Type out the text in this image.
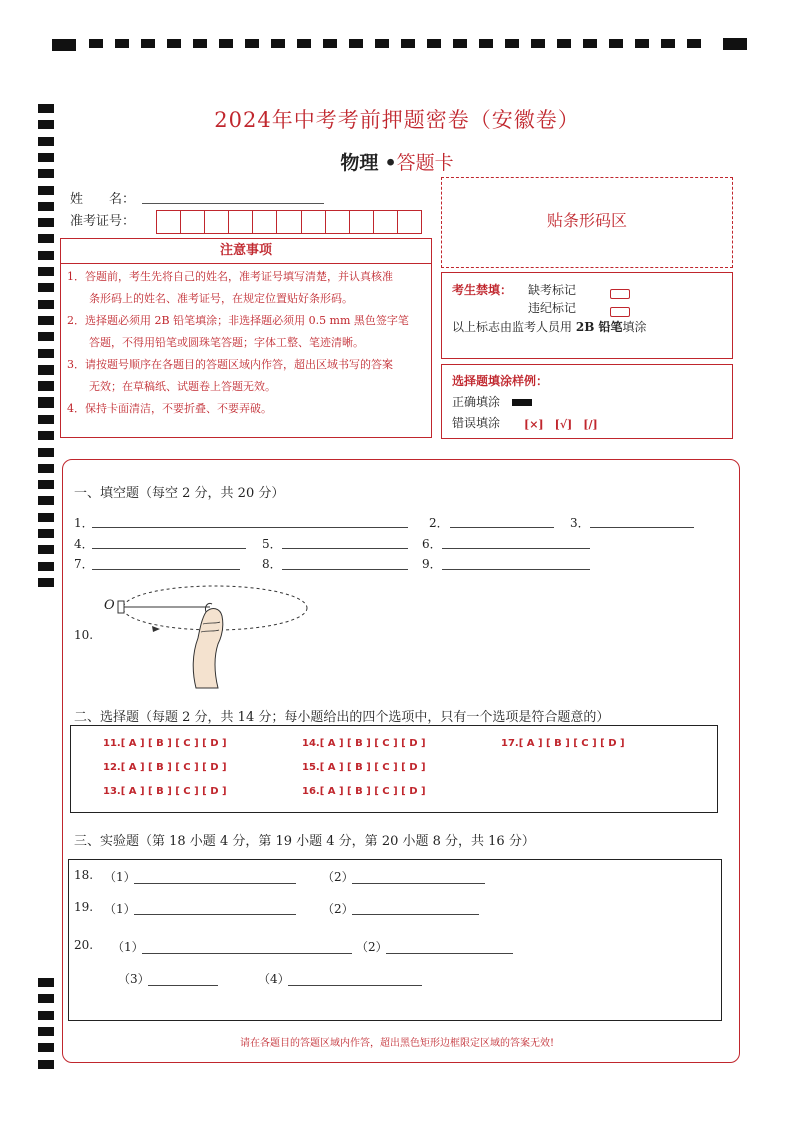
2024年中考考前押题密卷（安徽卷）
物理 •答题卡
姓　　名：
准考证号：
注意事项
1．答题前，考生先将自己的姓名，准考证号填写清楚，并认真核准
　　条形码上的姓名、准考证号，在规定位置贴好条形码。
2．选择题必须用 2B 铅笔填涂；非选择题必须用 0.5 mm 黑色签字笔
　　答题，不得用铅笔或圆珠笔答题；字体工整、笔迹清晰。
3．请按题号顺序在各题目的答题区域内作答，超出区域书写的答案
　　无效；在草稿纸、试题卷上答题无效。
4．保持卡面清洁，不要折叠、不要弄破。
贴条形码区
考生禁填： 缺考标记
违纪标记
以上标志由监考人员用 2B 铅笔填涂
选择题填涂样例：
正确填涂
错误填涂 [×]　[√]　[/]
一、填空题（每空 2 分，共 20 分）
1．	2．	3．
4．	5．	6．
7．	8．	9．
10.
O
二、选择题（每题 2 分，共 14 分；每小题给出的四个选项中，只有一个选项是符合题意的）
11.[ A ] [ B ] [ C ] [ D ]
12.[ A ] [ B ] [ C ] [ D ]
13.[ A ] [ B ] [ C ] [ D ]
14.[ A ] [ B ] [ C ] [ D ]
15.[ A ] [ B ] [ C ] [ D ]
16.[ A ] [ B ] [ C ] [ D ]
17.[ A ] [ B ] [ C ] [ D ]
三、实验题（第 18 小题 4 分，第 19 小题 4 分，第 20 小题 8 分，共 16 分）
18. （1）	（2）
19. （1）	（2）
20. （1）	（2）
（3）	（4）
请在各题目的答题区域内作答，超出黑色矩形边框限定区域的答案无效!
